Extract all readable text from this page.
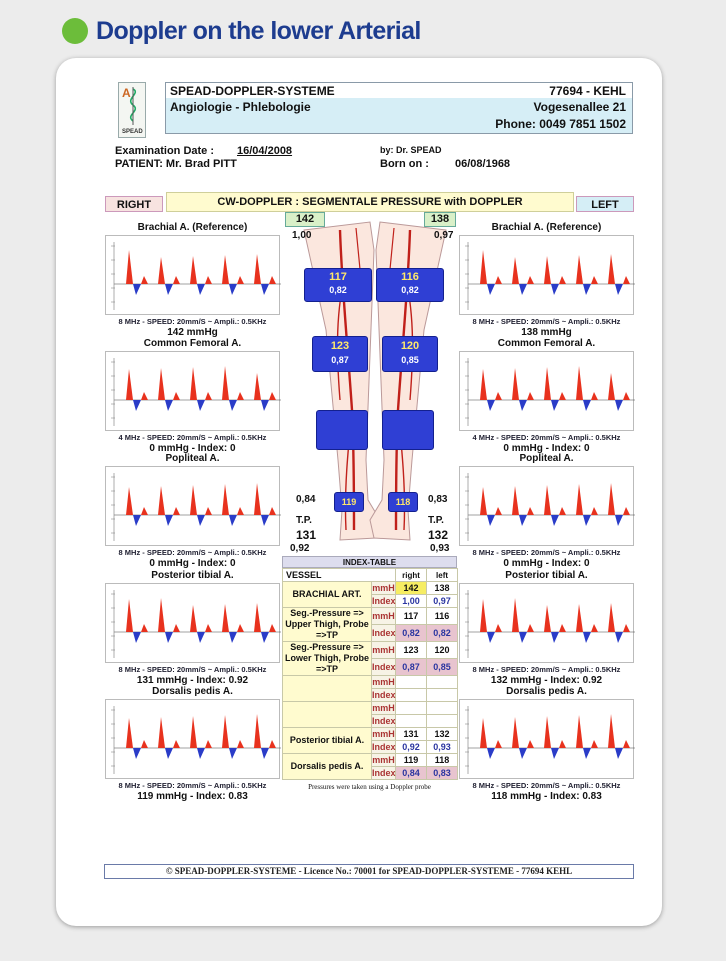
Doppler on the lower Arterial
A
SPEAD
SPEAD-DOPPLER-SYSTEME
Angiologie - Phlebologie
77694 - KEHL
Vogesenallee 21
Phone: 0049 7851 1502
Examination Date : 16/04/2008
PATIENT: Mr. Brad PITT
by: Dr. SPEAD
Born on : 06/08/1968
RIGHT	CW-DOPPLER : SEGMENTALE PRESSURE with DOPPLER	LEFT
Brachial A. (Reference)
8 MHz - SPEED: 20mm/S ~ Ampli.: 0.5KHz
142 mmHg
Common Femoral A.
4 MHz - SPEED: 20mm/S ~ Ampli.: 0.5KHz
0 mmHg - Index: 0
Popliteal A.
8 MHz - SPEED: 20mm/S ~ Ampli.: 0.5KHz
0 mmHg - Index: 0
Posterior tibial A.
8 MHz - SPEED: 20mm/S ~ Ampli.: 0.5KHz
131 mmHg - Index: 0.92
Dorsalis pedis A.
8 MHz - SPEED: 20mm/S ~ Ampli.: 0.5KHz
119 mmHg - Index: 0.83
Brachial A. (Reference)
8 MHz - SPEED: 20mm/S ~ Ampli.: 0.5KHz
138 mmHg
Common Femoral A.
4 MHz - SPEED: 20mm/S ~ Ampli.: 0.5KHz
0 mmHg - Index: 0
Popliteal A.
8 MHz - SPEED: 20mm/S ~ Ampli.: 0.5KHz
0 mmHg - Index: 0
Posterior tibial A.
8 MHz - SPEED: 20mm/S ~ Ampli.: 0.5KHz
132 mmHg - Index: 0.92
Dorsalis pedis A.
8 MHz - SPEED: 20mm/S ~ Ampli.: 0.5KHz
118 mmHg - Index: 0.83
117
0,82
116
0,82
123
0,87
120
0,85
119	118
142	138
1,00	0,97
0,84	0,83
T.P.	T.P.
131	132
0,92	0,93
INDEX-TABLE
VESSEL		right	left
BRACHIAL ART.	mmH	142	138
	Index	1,00	0,97
Seg.-Pressure => Upper Thigh, Probe =>TP	mmH	117	116
	Index	0,82	0,82
Seg.-Pressure => Lower Thigh, Probe =>TP	mmH	123	120
	Index	0,87	0,85
	mmH		
	Index		
	mmH		
	Index		
Posterior tibial A.	mmH	131	132
	Index	0,92	0,93
Dorsalis pedis A.	mmH	119	118
	Index	0,84	0,83
Pressures were taken using a Doppler probe
© SPEAD-DOPPLER-SYSTEME - Licence No.: 70001 for SPEAD-DOPPLER-SYSTEME - 77694 KEHL
